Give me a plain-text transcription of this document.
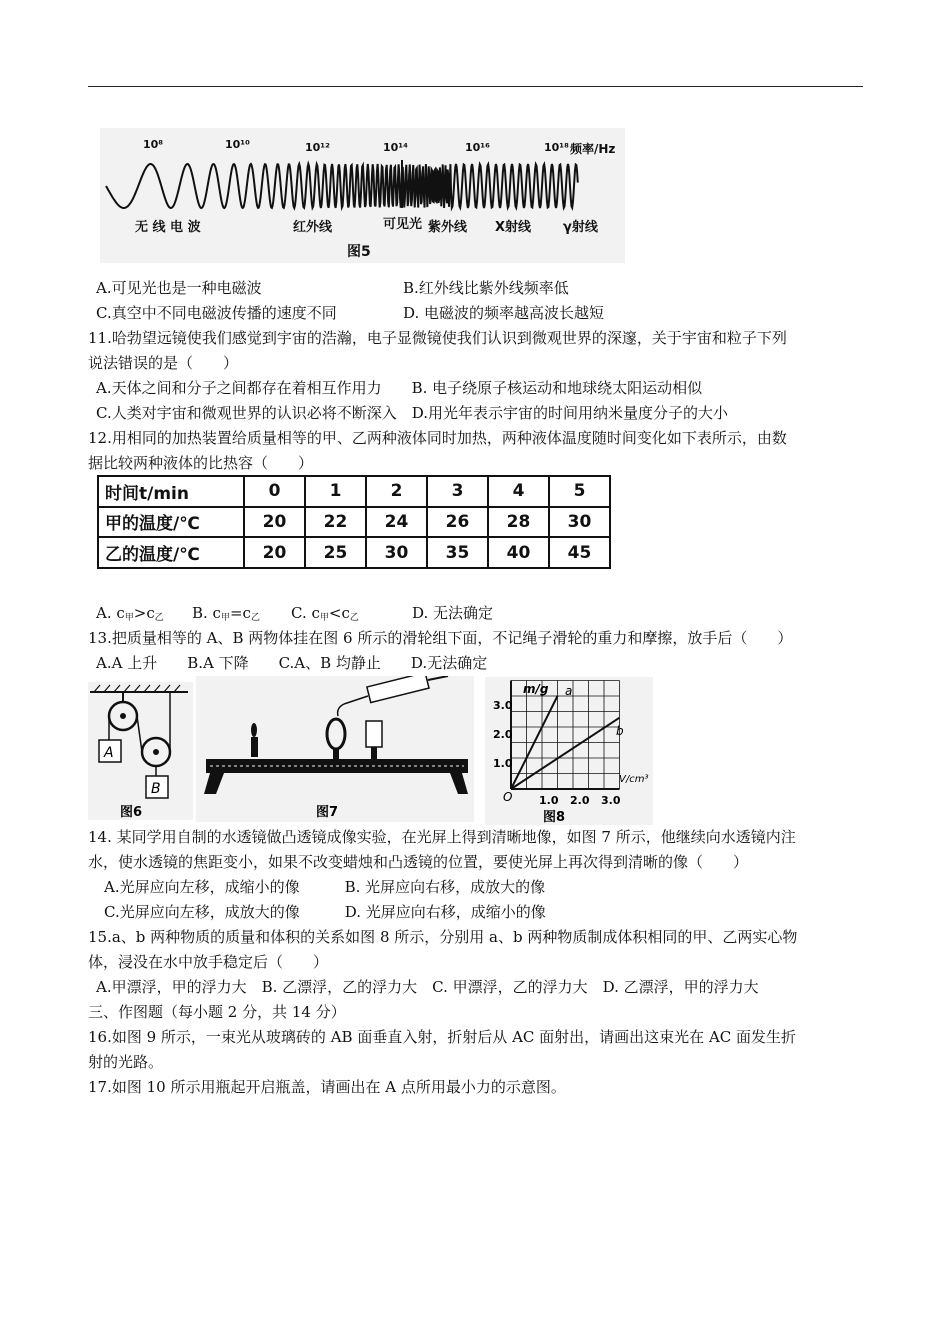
10⁸	10¹⁰	10¹²	10¹⁴	10¹⁶	10¹⁸ 频率/Hz
无 线 电 波	红外线	可见光 紫外线 X射线 γ射线
图5
A.可见光也是一种电磁波	B.红外线比紫外线频率低
C.真空中不同电磁波传播的速度不同	D. 电磁波的频率越高波长越短
11.哈勃望远镜使我们感觉到宇宙的浩瀚，电子显微镜使我们认识到微观世界的深邃，关于宇宙和粒子下列
说法错误的是（　　）
A.天体之间和分子之间都存在着相互作用力　　B. 电子绕原子核运动和地球绕太阳运动相似
C.人类对宇宙和微观世界的认识必将不断深入　D.用光年表示宇宙的时间用纳米量度分子的大小
12.用相同的加热装置给质量相等的甲、乙两种液体同时加热，两种液体温度随时间变化如下表所示，由数
据比较两种液体的比热容（　　）
时间t/min	0	1	2	3	4	5
甲的温度/℃	20	22	24	26	28	30
乙的温度/℃	20	25	30	35	40	45
A. $c_甲>c_乙$ B. $c_甲=c_乙$ C. $c_甲<c_乙$	D. 无法确定
13.把质量相等的 A、B 两物体挂在图 6 所示的滑轮组下面，不记绳子滑轮的重力和摩擦，放手后（　　）
A.A 上升　　B.A 下降　　C.A、B 均静止　　D.无法确定
A
B
图6	图7
m/g
V/cm³
O
1.0
2.0
3.0
1.0 2.0 3.0
a
b
图8
14. 某同学用自制的水透镜做凸透镜成像实验，在光屏上得到清晰地像，如图 7 所示，他继续向水透镜内注
水，使水透镜的焦距变小，如果不改变蜡烛和凸透镜的位置，要使光屏上再次得到清晰的像（　　）
A.光屏应向左移，成缩小的像　　　B. 光屏应向右移，成放大的像
C.光屏应向左移，成放大的像　　　D. 光屏应向右移，成缩小的像
15.a、b 两种物质的质量和体积的关系如图 8 所示，分别用 a、b 两种物质制成体积相同的甲、乙两实心物
体，浸没在水中放手稳定后（　　）
A.甲漂浮，甲的浮力大　B. 乙漂浮，乙的浮力大　C. 甲漂浮，乙的浮力大　D. 乙漂浮，甲的浮力大
三、作图题（每小题 2 分，共 14 分）
16.如图 9 所示，一束光从玻璃砖的 AB 面垂直入射，折射后从 AC 面射出，请画出这束光在 AC 面发生折
射的光路。
17.如图 10 所示用瓶起开启瓶盖，请画出在 A 点所用最小力的示意图。
